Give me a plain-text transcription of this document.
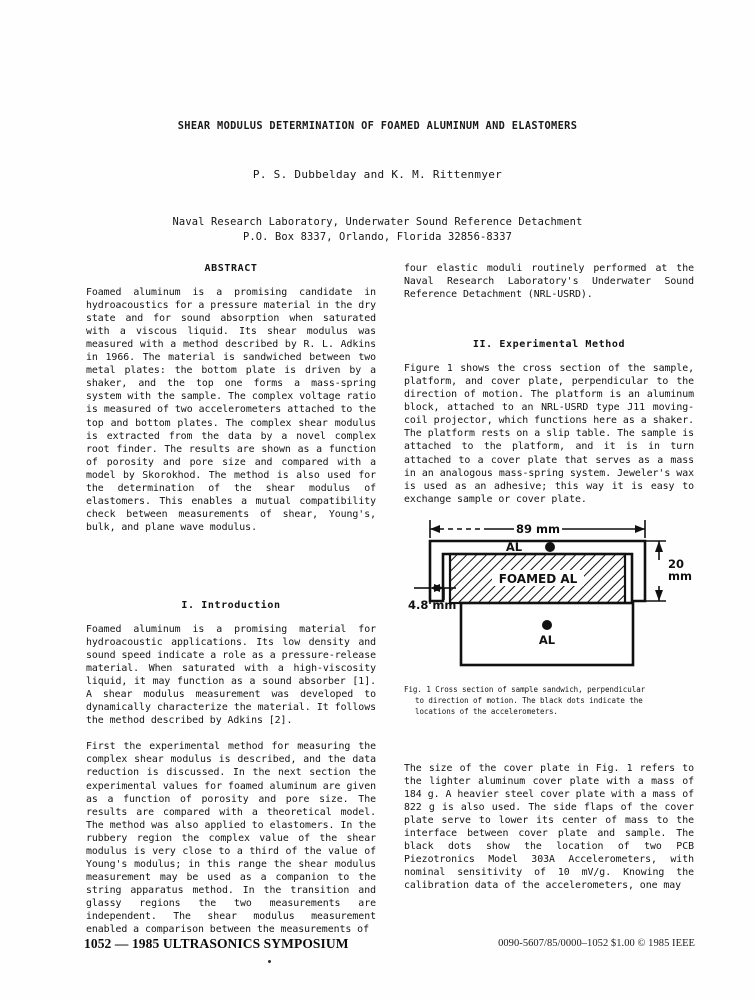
SHEAR MODULUS DETERMINATION OF FOAMED ALUMINUM AND ELASTOMERS
P. S. Dubbelday and K. M. Rittenmyer
Naval Research Laboratory, Underwater Sound Reference Detachment
P.O. Box 8337, Orlando, Florida 32856-8337
ABSTRACT

Foamed aluminum is a promising candidate in hydroacoustics for a pressure material in the dry state and for sound absorption when saturated with a viscous liquid. Its shear modulus was measured with a method described by R. L. Adkins in 1966. The material is sandwiched between two metal plates: the bottom plate is driven by a shaker, and the top one forms a mass-spring system with the sample. The complex voltage ratio is measured of two accelerometers attached to the top and bottom plates. The complex shear modulus is extracted from the data by a novel complex root finder. The results are shown as a function of porosity and pore size and compared with a model by Skorokhod. The method is also used for the determination of the shear modulus of elastomers. This enables a mutual compatibility check between measurements of shear, Young's, bulk, and plane wave modulus.

I. Introduction

Foamed aluminum is a promising material for hydroacoustic applications. Its low density and sound speed indicate a role as a pressure-release material. When saturated with a high-viscosity liquid, it may function as a sound absorber [1]. A shear modulus measurement was developed to dynamically characterize the material. It follows the method described by Adkins [2].

First the experimental method for measuring the complex shear modulus is described, and the data reduction is discussed. In the next section the experimental values for foamed aluminum are given as a function of porosity and pore size. The results are compared with a theoretical model. The method was also applied to elastomers. In the rubbery region the complex value of the shear modulus is very close to a third of the value of Young's modulus; in this range the shear modulus measurement may be used as a companion to the string apparatus method. In the transition and glassy regions the two measurements are independent. The shear modulus measurement enabled a comparison between the measurements of

four elastic moduli routinely performed at the Naval Research Laboratory's Underwater Sound Reference Detachment (NRL-USRD).

II. Experimental Method

Figure 1 shows the cross section of the sample, platform, and cover plate, perpendicular to the direction of motion. The platform is an aluminum block, attached to an NRL-USRD type J11 moving-coil projector, which functions here as a shaker. The platform rests on a slip table. The sample is attached to the platform, and it is in turn attached to a cover plate that serves as a mass in an analogous mass-spring system. Jeweler's wax is used as an adhesive; this way it is easy to exchange sample or cover plate.

89 mm
AL
FOAMED AL
AL
4.8 mm
20
mm
Fig. 1 Cross section of sample sandwich, perpendicular
to direction of motion. The black dots indicate the
locations of the accelerometers.

The size of the cover plate in Fig. 1 refers to the lighter aluminum cover plate with a mass of 184 g. A heavier steel cover plate with a mass of 822 g is also used. The side flaps of the cover plate serve to lower its center of mass to the interface between cover plate and sample. The black dots show the location of two PCB Piezotronics Model 303A Accelerometers, with nominal sensitivity of 10 mV/g. Knowing the calibration data of the accelerometers, one may

1052 — 1985 ULTRASONICS SYMPOSIUM	0090-5607/85/0000–1052 $1.00 © 1985 IEEE
